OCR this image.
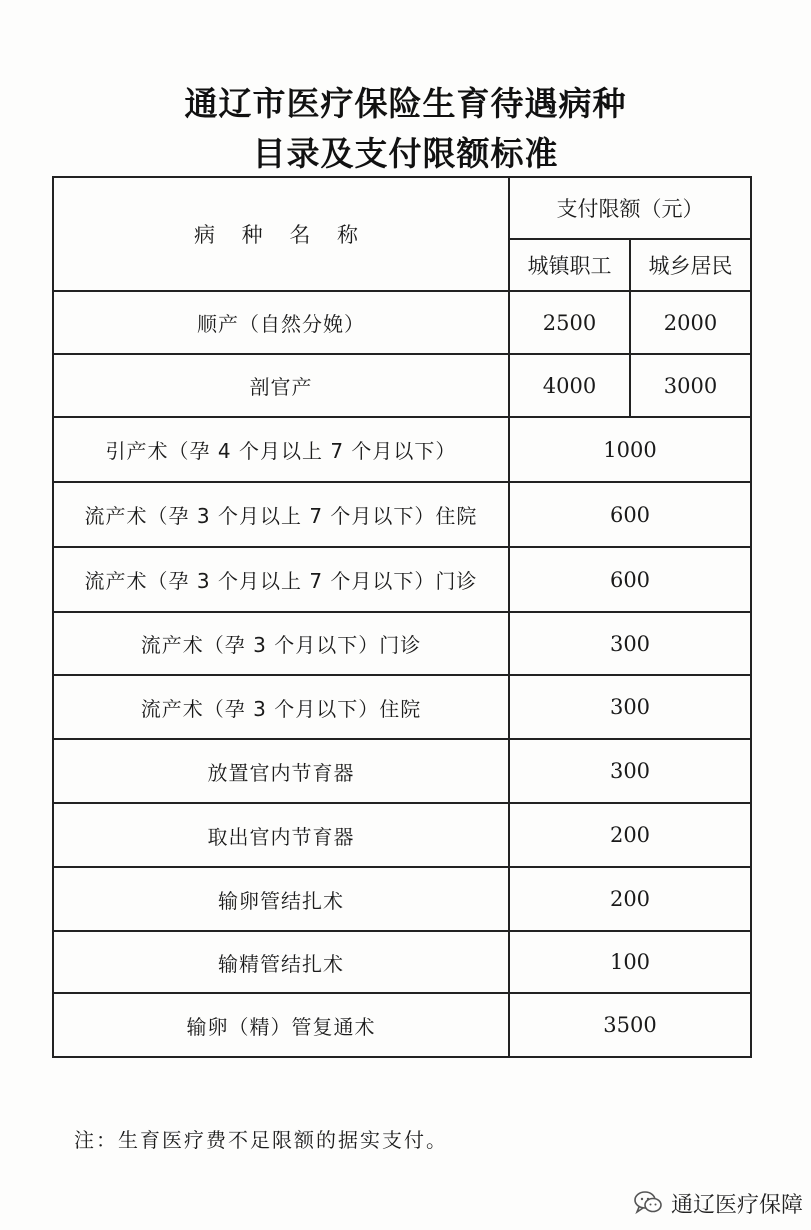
通辽市医疗保险生育待遇病种
目录及支付限额标准
病 种 名 称	支付限额（元）	
	城镇职工	城乡居民
顺产（自然分娩）	2500	2000
剖官产	4000	3000
引产术（孕 4 个月以上 7 个月以下）	1000	
流产术（孕 3 个月以上 7 个月以下）住院	600	
流产术（孕 3 个月以上 7 个月以下）门诊	600	
流产术（孕 3 个月以下）门诊	300	
流产术（孕 3 个月以下）住院	300	
放置官内节育器	300	
取出官内节育器	200	
输卵管结扎术	200	
输精管结扎术	100	
输卵（精）管复通术	3500	
注：生育医疗费不足限额的据实支付。
通辽医疗保障
